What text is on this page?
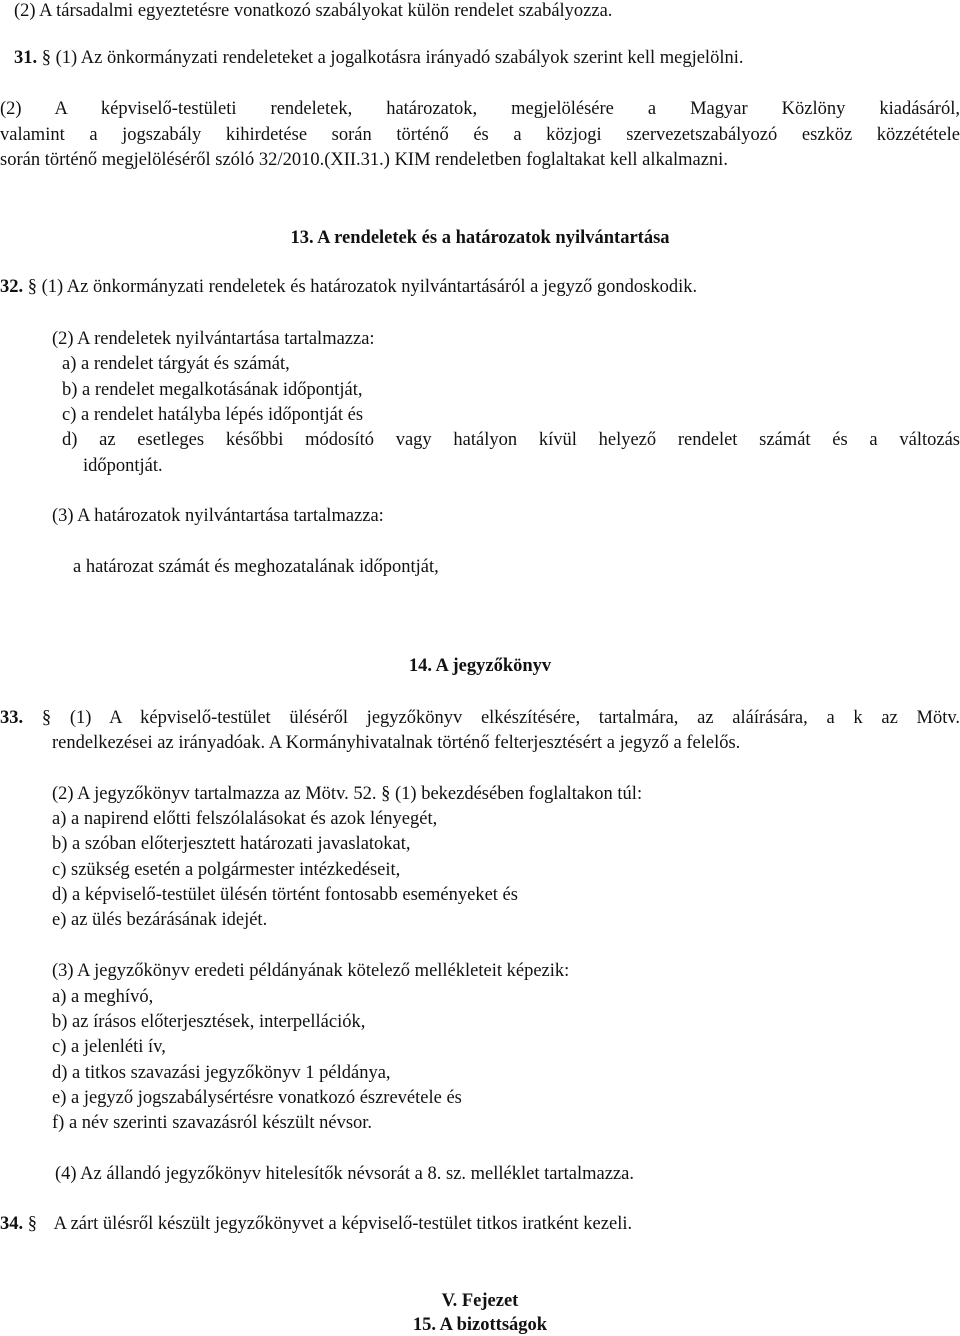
(2) A társadalmi egyeztetésre vonatkozó szabályokat külön rendelet szabályozza.
31. § (1) Az önkormányzati rendeleteket a jogalkotásra irányadó szabályok szerint kell megjelölni.
(2) A képviselő-testületi rendeletek, határozatok, megjelölésére a Magyar Közlöny kiadásáról,
valamint a jogszabály kihirdetése során történő és a közjogi szervezetszabályozó eszköz közzététele
során történő megjelöléséről szóló 32/2010.(XII.31.) KIM rendeletben foglaltakat kell alkalmazni.
13. A rendeletek és a határozatok nyilvántartása
32. § (1) Az önkormányzati rendeletek és határozatok nyilvántartásáról a jegyző gondoskodik.
(2) A rendeletek nyilvántartása tartalmazza:
a) a rendelet tárgyát és számát,
b) a rendelet megalkotásának időpontját,
c) a rendelet hatályba lépés időpontját és
d) az esetleges későbbi módosító vagy hatályon kívül helyező rendelet számát és a változás
időpontját.
(3) A határozatok nyilvántartása tartalmazza:
a határozat számát és meghozatalának időpontját,
14. A jegyzőkönyv
33. § (1) A képviselő-testület üléséről jegyzőkönyv elkészítésére, tartalmára, az aláírására, a k az Mötv.
rendelkezései az irányadóak. A Kormányhivatalnak történő felterjesztésért a jegyző a felelős.
(2) A jegyzőkönyv tartalmazza az Mötv. 52. § (1) bekezdésében foglaltakon túl:
a) a napirend előtti felszólalásokat és azok lényegét,
b) a szóban előterjesztett határozati javaslatokat,
c) szükség esetén a polgármester intézkedéseit,
d) a képviselő-testület ülésén történt fontosabb eseményeket és
e) az ülés bezárásának idejét.
(3) A jegyzőkönyv eredeti példányának kötelező mellékleteit képezik:
a) a meghívó,
b) az írásos előterjesztések, interpellációk,
c) a jelenléti ív,
d) a titkos szavazási jegyzőkönyv 1 példánya,
e) a jegyző jogszabálysértésre vonatkozó észrevétele és
f) a név szerinti szavazásról készült névsor.
(4) Az állandó jegyzőkönyv hitelesítők névsorát a 8. sz. melléklet tartalmazza.
34. § A zárt ülésről készült jegyzőkönyvet a képviselő-testület titkos iratként kezeli.
V. Fejezet
15. A bizottságok
